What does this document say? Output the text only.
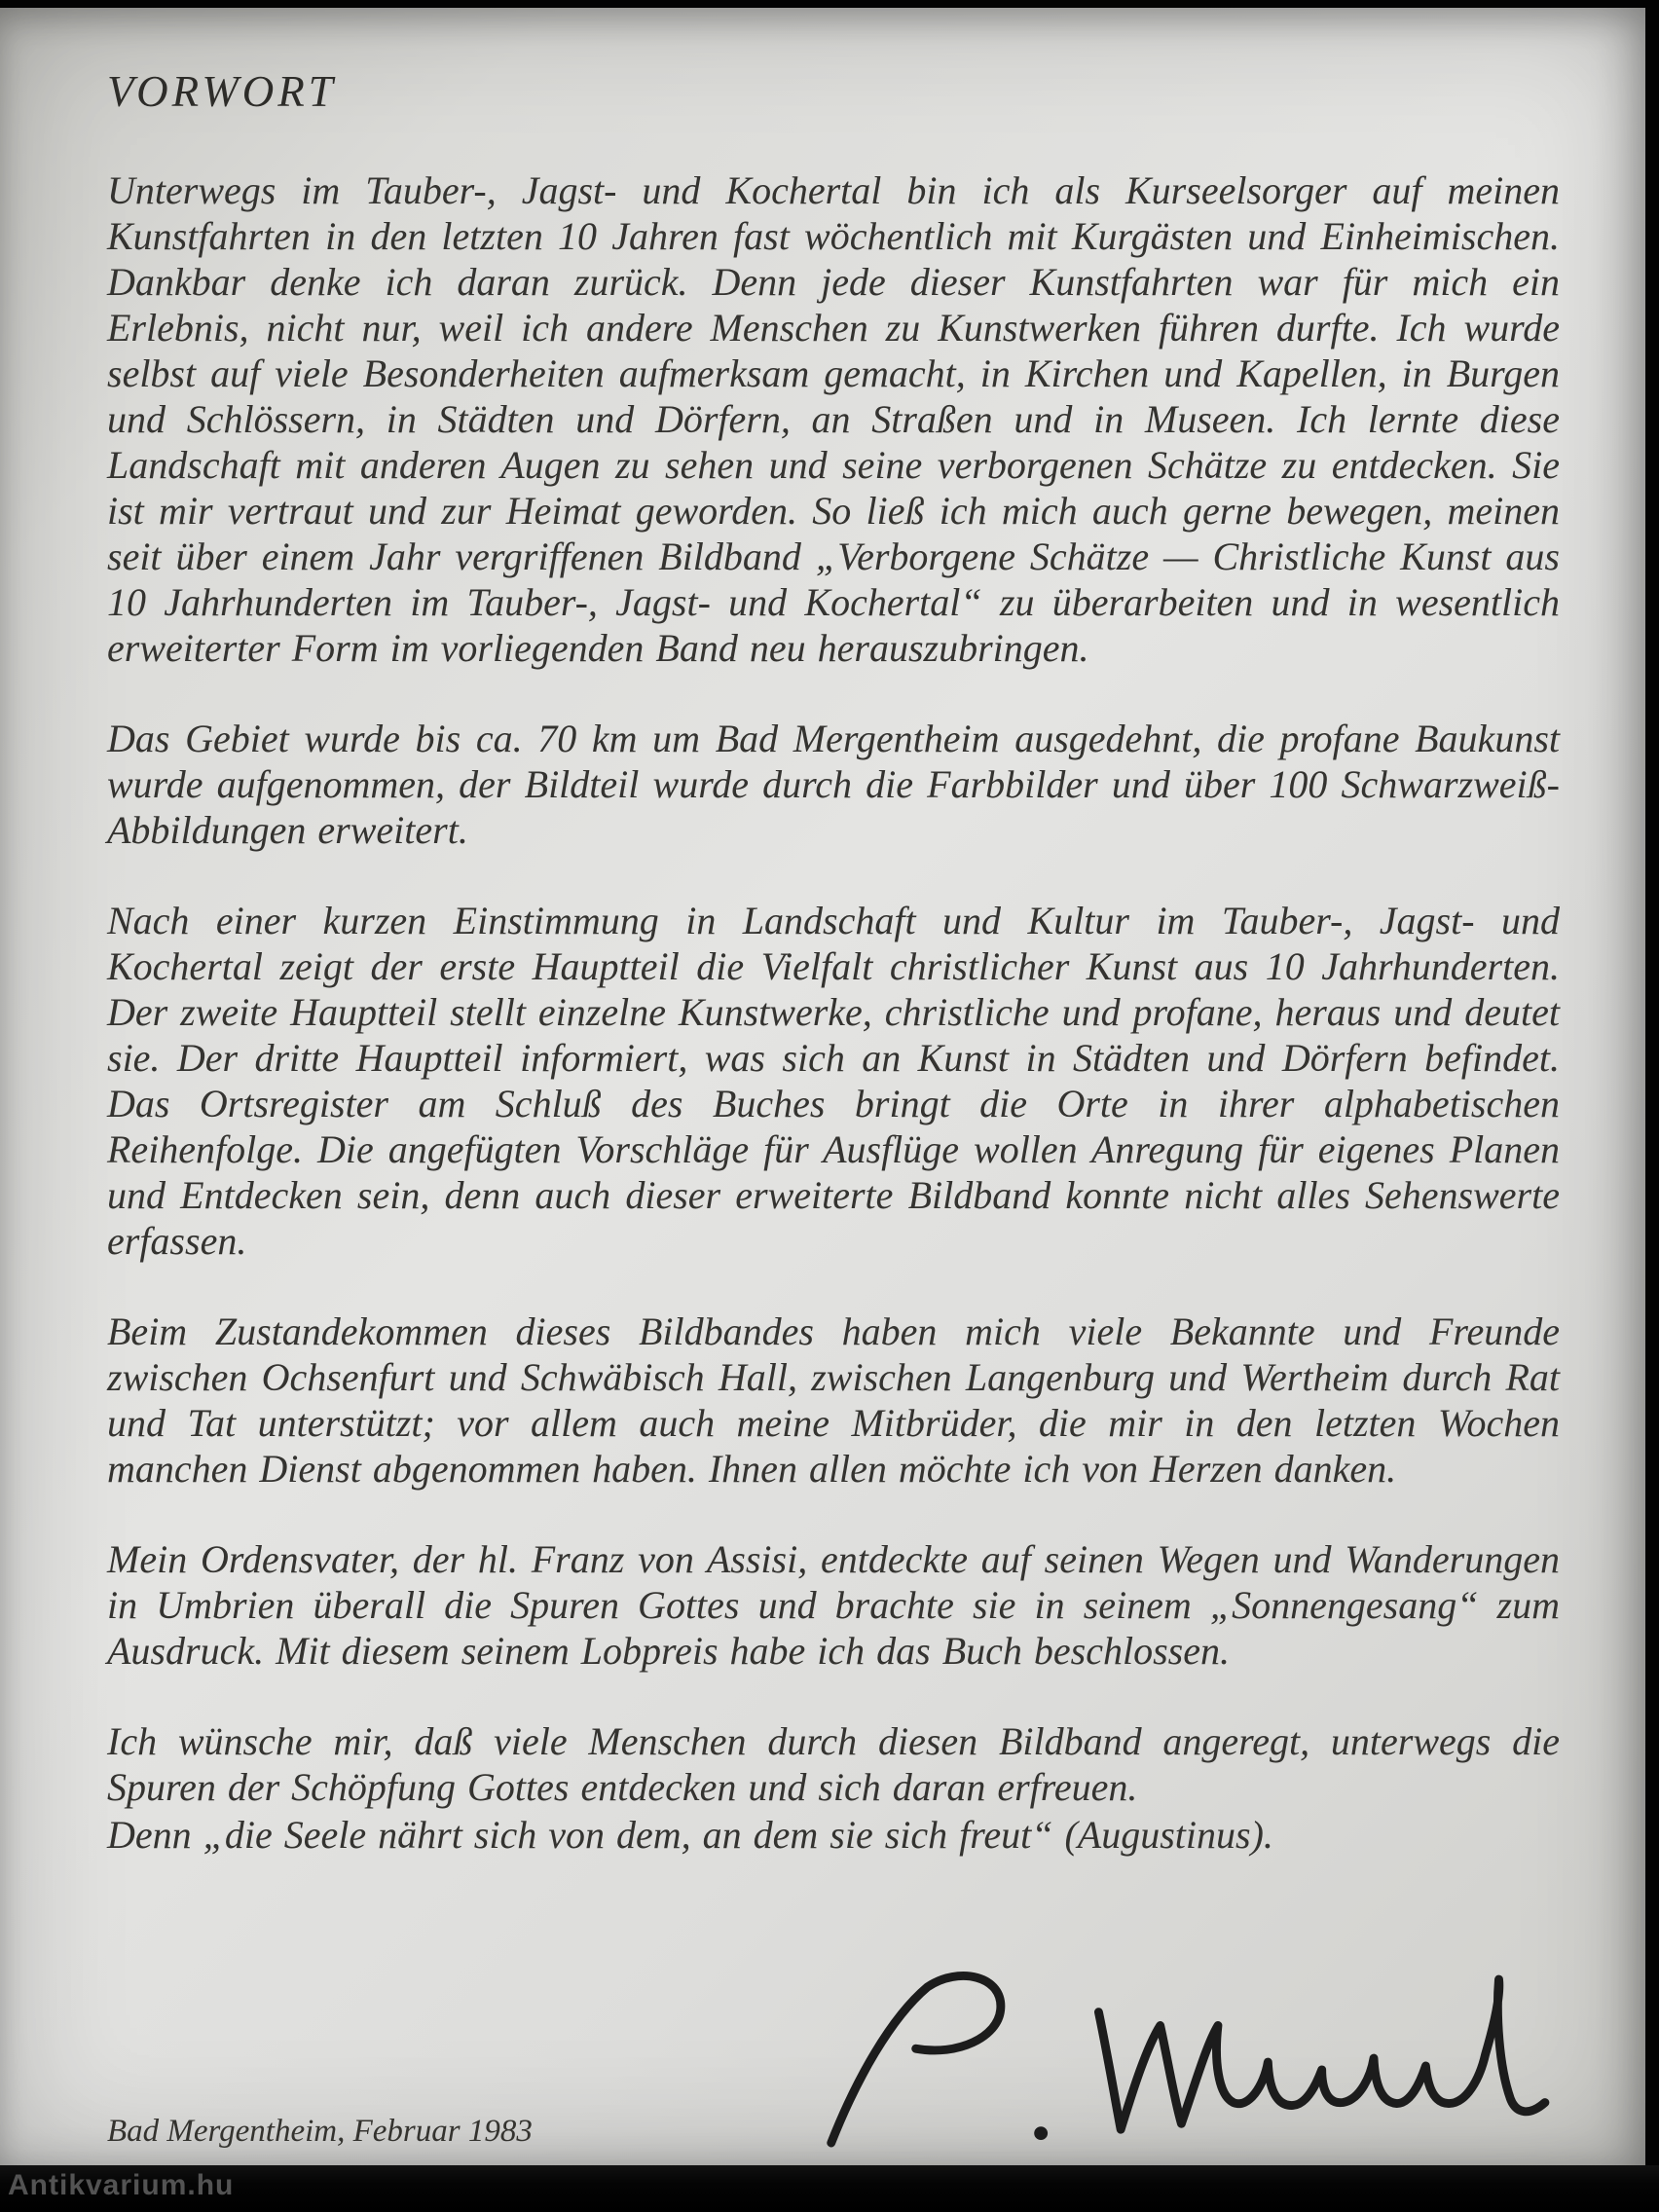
VORWORT

Unterwegs im Tauber-, Jagst- und Kochertal bin ich als Kurseelsorger auf meinen Kunstfahrten in den letzten 10 Jahren fast wöchentlich mit Kurgästen und Einheimischen. Dankbar denke ich daran zurück. Denn jede dieser Kunstfahrten war für mich ein Erlebnis, nicht nur, weil ich andere Menschen zu Kunstwerken führen durfte. Ich wurde selbst auf viele Besonderheiten aufmerksam gemacht, in Kirchen und Kapellen, in Burgen und Schlössern, in Städten und Dörfern, an Straßen und in Museen. Ich lernte diese Landschaft mit anderen Augen zu sehen und seine verborgenen Schätze zu entdecken. Sie ist mir vertraut und zur Heimat geworden. So ließ ich mich auch gerne bewegen, meinen seit über einem Jahr vergriffenen Bildband „Verborgene Schätze — Christliche Kunst aus 10 Jahrhunderten im Tauber-, Jagst- und Kochertal“ zu überarbeiten und in wesentlich erweiterter Form im vorliegenden Band neu herauszubringen.

Das Gebiet wurde bis ca. 70 km um Bad Mergentheim ausgedehnt, die profane Baukunst wurde aufgenommen, der Bildteil wurde durch die Farbbilder und über 100 Schwarzweiß-Abbildungen erweitert.

Nach einer kurzen Einstimmung in Landschaft und Kultur im Tauber-, Jagst- und Kochertal zeigt der erste Hauptteil die Vielfalt christlicher Kunst aus 10 Jahrhunderten. Der zweite Hauptteil stellt einzelne Kunstwerke, christliche und profane, heraus und deutet sie. Der dritte Hauptteil informiert, was sich an Kunst in Städten und Dörfern befindet. Das Ortsregister am Schluß des Buches bringt die Orte in ihrer alphabetischen Reihenfolge. Die angefügten Vorschläge für Ausflüge wollen Anregung für eigenes Planen und Entdecken sein, denn auch dieser erweiterte Bildband konnte nicht alles Sehenswerte erfassen.

Beim Zustandekommen dieses Bildbandes haben mich viele Bekannte und Freunde zwischen Ochsenfurt und Schwäbisch Hall, zwischen Langenburg und Wertheim durch Rat und Tat unterstützt; vor allem auch meine Mitbrüder, die mir in den letzten Wochen manchen Dienst abgenommen haben. Ihnen allen möchte ich von Herzen danken.

Mein Ordensvater, der hl. Franz von Assisi, entdeckte auf seinen Wegen und Wanderungen in Umbrien überall die Spuren Gottes und brachte sie in seinem „Sonnengesang“ zum Ausdruck. Mit diesem seinem Lobpreis habe ich das Buch beschlossen.

Ich wünsche mir, daß viele Menschen durch diesen Bildband angeregt, unterwegs die Spuren der Schöpfung Gottes entdecken und sich daran erfreuen.

Denn „die Seele nährt sich von dem, an dem sie sich freut“ (Augustinus).

Bad Mergentheim, Februar 1983
Antikvarium.hu
